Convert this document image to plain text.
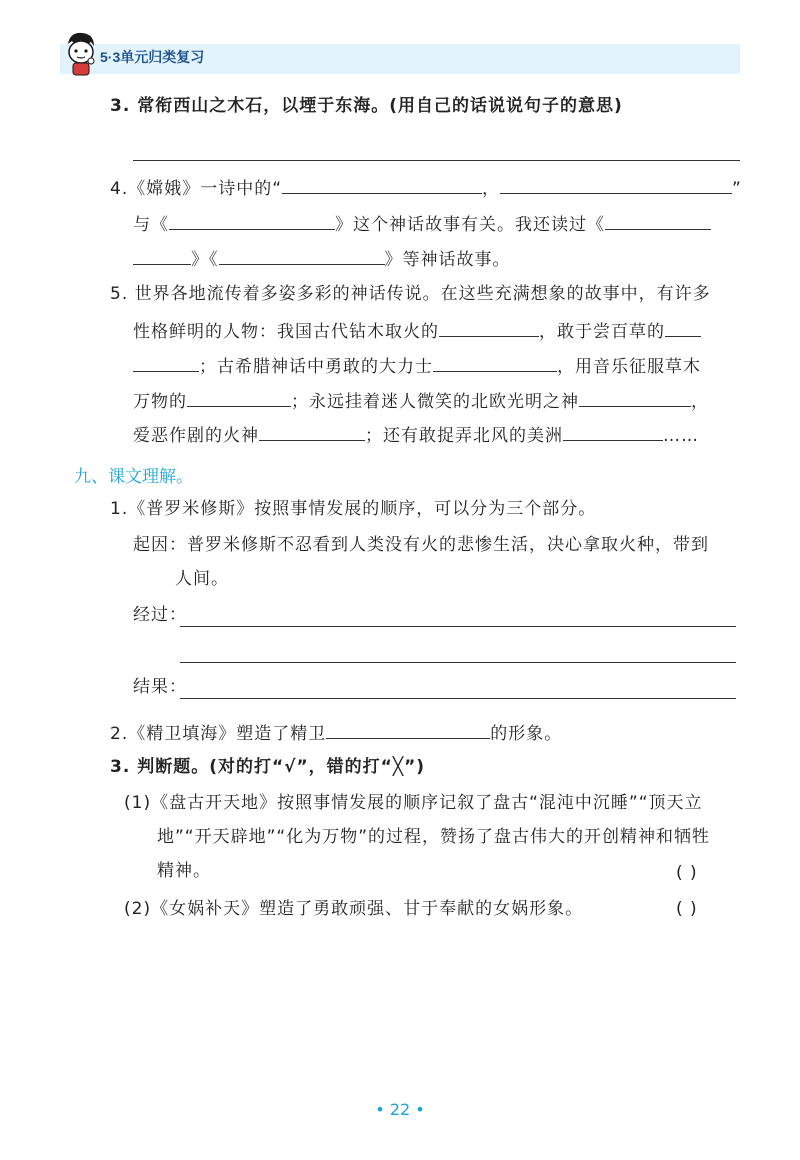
5·3单元归类复习
3. 常衔西山之木石，以堙于东海。(用自己的话说说句子的意思)
4.《嫦娥》一诗中的“	，	”
与《	》这个神话故事有关。我还读过《
》《	》等神话故事。
5. 世界各地流传着多姿多彩的神话传说。在这些充满想象的故事中，有许多
性格鲜明的人物：我国古代钻木取火的	，敢于尝百草的
；古希腊神话中勇敢的大力士	，用音乐征服草木
万物的	；永远挂着迷人微笑的北欧光明之神	，
爱恶作剧的火神	；还有敢捉弄北风的美洲	……
九、课文理解。
1.《普罗米修斯》按照事情发展的顺序，可以分为三个部分。
起因：普罗米修斯不忍看到人类没有火的悲惨生活，决心拿取火种，带到
人间。
经过：
结果：
2.《精卫填海》塑造了精卫	的形象。
3. 判断题。(对的打“√”，错的打“╳”)
(1)《盘古开天地》按照事情发展的顺序记叙了盘古“混沌中沉睡”“顶天立
地”“开天辟地”“化为万物”的过程，赞扬了盘古伟大的开创精神和牺牲
精神。	( )
(2)《女娲补天》塑造了勇敢顽强、甘于奉献的女娲形象。	( )
• 22 •
